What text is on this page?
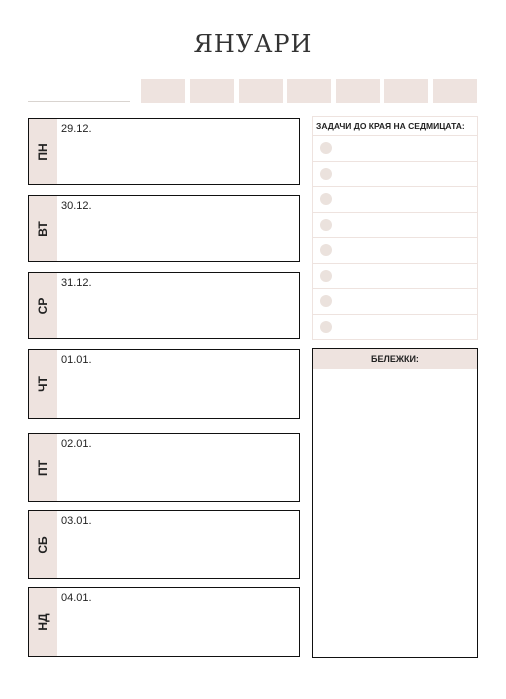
ЯНУАРИ
ПН
29.12.
ВТ
30.12.
СР
31.12.
ЧТ
01.01.
ПТ
02.01.
СБ
03.01.
НД
04.01.
ЗАДАЧИ ДО КРАЯ НА СЕДМИЦАТА:
БЕЛЕЖКИ:
